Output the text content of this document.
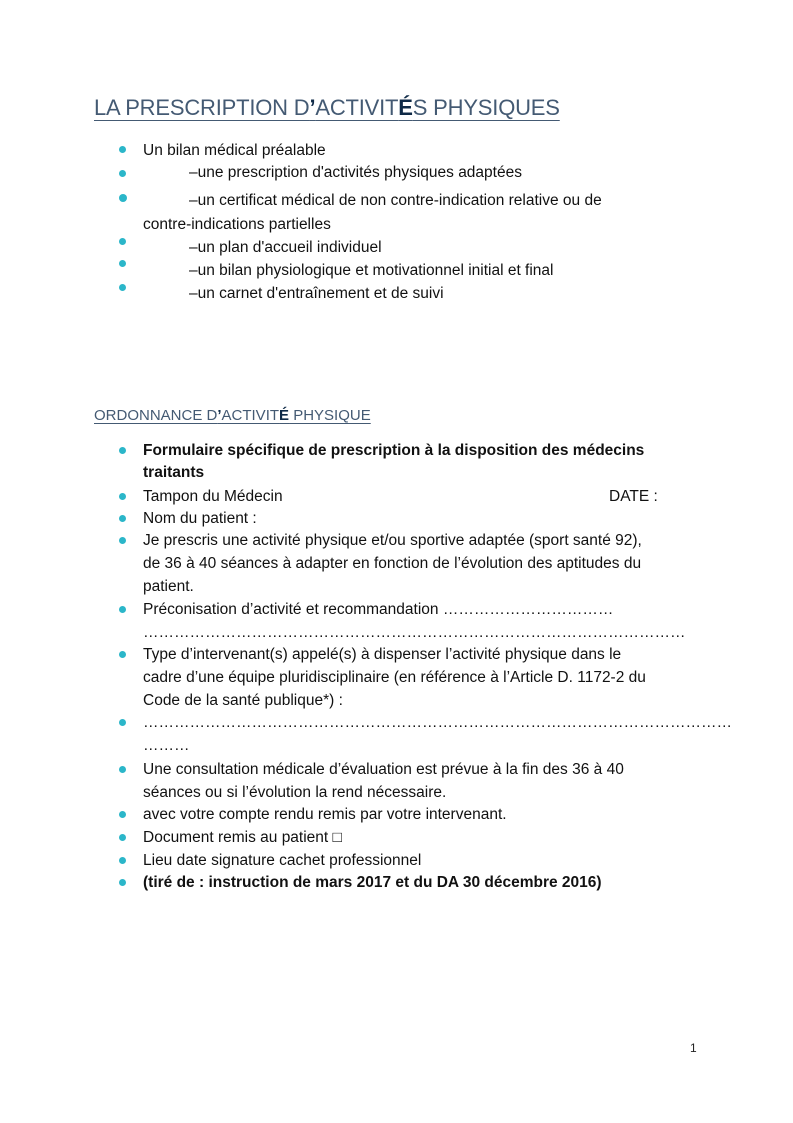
LA PRESCRIPTION D’ACTIVITÉS PHYSIQUES
Un bilan médical préalable
–une prescription d'activités physiques adaptées
–un certificat médical de non contre-indication relative ou de
contre-indications partielles
–un plan d'accueil individuel
–un bilan physiologique et motivationnel initial et final
–un carnet d'entraînement et de suivi
ORDONNANCE D’ACTIVITÉ PHYSIQUE
Formulaire spécifique de prescription à la disposition des médecins
traitants
Tampon du Médecin	DATE :
Nom du patient :
Je prescris une activité physique et/ou sportive adaptée (sport santé 92),
de 36 à 40 séances à adapter en fonction de l’évolution des aptitudes du
patient.
Préconisation d’activité et recommandation ……………………………
……………………………………………………………………………………………
Type d’intervenant(s) appelé(s) à dispenser l’activité physique dans le
cadre d’une équipe pluridisciplinaire (en référence à l’Article D. 1172-2 du
Code de la santé publique*) :
……………………………………………………………………………………………………
………
Une consultation médicale d’évaluation est prévue à la fin des 36 à 40
séances ou si l’évolution la rend nécessaire.
avec votre compte rendu remis par votre intervenant.
Document remis au patient □
Lieu date signature cachet professionnel
(tiré de : instruction de mars 2017 et du DA 30 décembre 2016)
1
